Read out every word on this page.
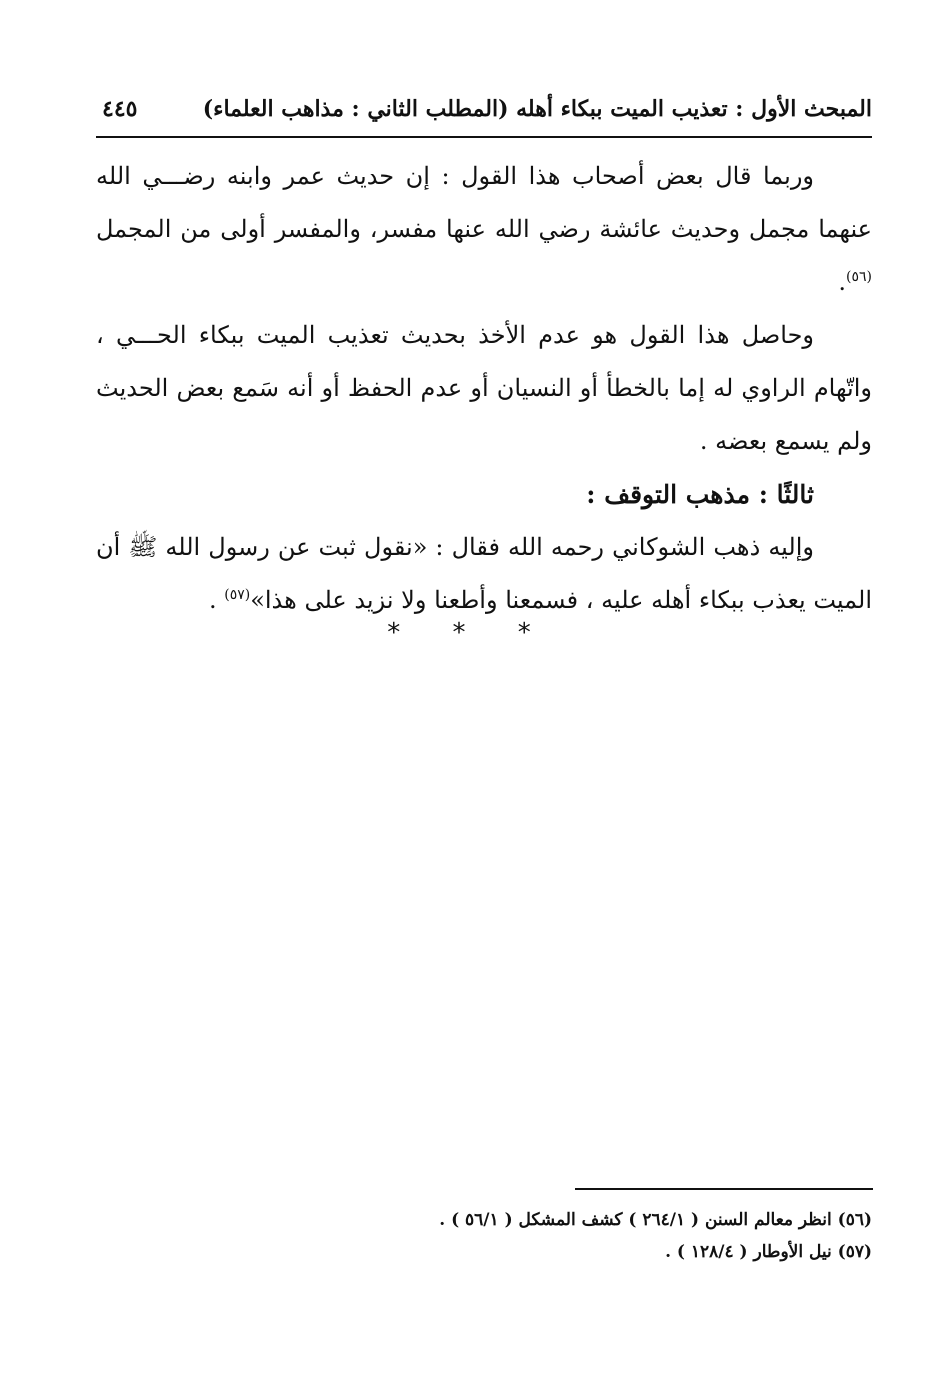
المبحث الأول : تعذيب الميت ببكاء أهله (المطلب الثاني : مذاهب العلماء)
٤٤٥

وربما قال بعض أصحاب هذا القول : إن حديث عمر وابنه رضـــي الله عنهما مجمل وحديث عائشة رضي الله عنها مفسر، والمفسر أولى من المجمل $^{(٥٦)}$.

وحاصل هذا القول هو عدم الأخذ بحديث تعذيب الميت ببكاء الحـــي ، واتّهام الراوي له إما بالخطأ أو النسيان أو عدم الحفظ أو أنه سَمع بعض الحديث ولم يسمع بعضه .

ثالثًا : مذهب التوقف :

وإليه ذهب الشوكاني رحمه الله فقال : «نقول ثبت عن رسول الله ﷺ أن الميت يعذب ببكاء أهله عليه ، فسمعنا وأطعنا ولا نزيد على هذا»$^{(٥٧)}$ .

* * *

(٥٦) انظر معالم السنن ( ٢٦٤/١ ) كشف المشكل ( ٥٦/١ ) .

(٥٧) نيل الأوطار ( ١٢٨/٤ ) .
